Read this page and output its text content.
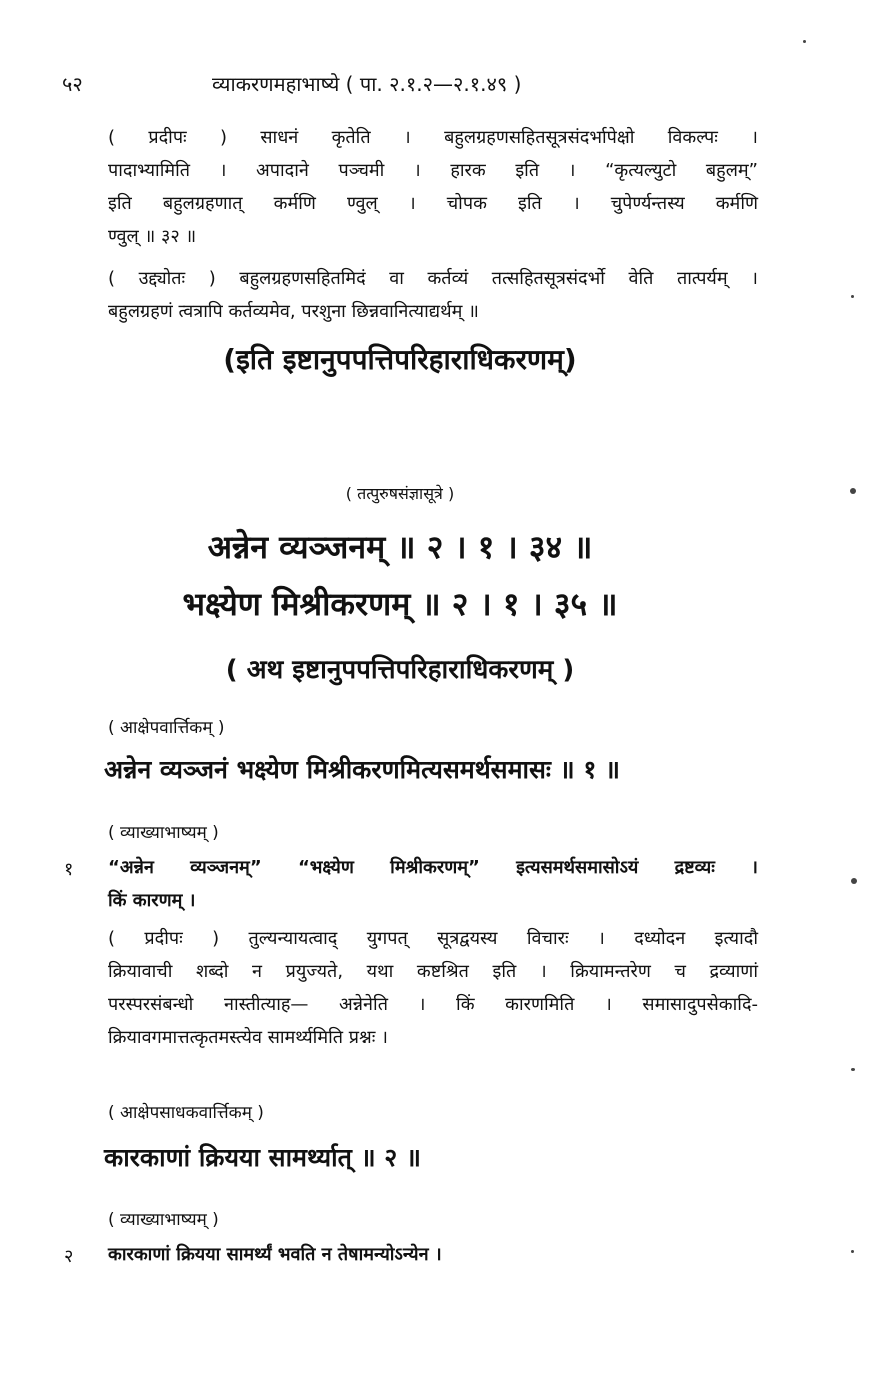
५२	व्याकरणमहाभाष्ये ( पा. २.१.२—२.१.४९ )
( प्रदीपः ) साधनं कृतेति । बहुलग्रहणसहितसूत्रसंदर्भापेक्षो विकल्पः ।
पादाभ्यामिति । अपादाने पञ्चमी । हारक इति । “कृत्यल्युटो बहुलम्”
इति बहुलग्रहणात् कर्मणि ण्वुल् । चोपक इति । चुपेर्ण्यन्तस्य कर्मणि
ण्वुल् ॥ ३२ ॥
( उद्द्योतः ) बहुलग्रहणसहितमिदं वा कर्तव्यं तत्सहितसूत्रसंदर्भो वेति तात्पर्यम् ।
बहुलग्रहणं त्वत्रापि कर्तव्यमेव, परशुना छिन्नवानित्याद्यर्थम् ॥
(इति इष्टानुपपत्तिपरिहाराधिकरणम्)
( तत्पुरुषसंज्ञासूत्रे )
अन्नेन व्यञ्जनम् ॥ २ । १ । ३४ ॥
भक्ष्येण मिश्रीकरणम् ॥ २ । १ । ३५ ॥
( अथ इष्टानुपपत्तिपरिहाराधिकरणम् )
( आक्षेपवार्त्तिकम् )
अन्नेन व्यञ्जनं भक्ष्येण मिश्रीकरणमित्यसमर्थसमासः ॥ १ ॥
( व्याख्याभाष्यम् )
१ “अन्नेन व्यञ्जनम्” “भक्ष्येण मिश्रीकरणम्” इत्यसमर्थसमासोऽयं द्रष्टव्यः ।
किं कारणम् ।
( प्रदीपः ) तुल्यन्यायत्वाद् युगपत् सूत्रद्वयस्य विचारः । दध्योदन इत्यादौ
क्रियावाची शब्दो न प्रयुज्यते, यथा कष्टश्रित इति । क्रियामन्तरेण च द्रव्याणां
परस्परसंबन्धो नास्तीत्याह— अन्नेनेति । किं कारणमिति । समासादुपसेकादि-
क्रियावगमात्तत्कृतमस्त्येव सामर्थ्यमिति प्रश्नः ।
( आक्षेपसाधकवार्त्तिकम् )
कारकाणां क्रियया सामर्थ्यात् ॥ २ ॥
( व्याख्याभाष्यम् )
२ कारकाणां क्रियया सामर्थ्यं भवति न तेषामन्योऽन्येन ।
